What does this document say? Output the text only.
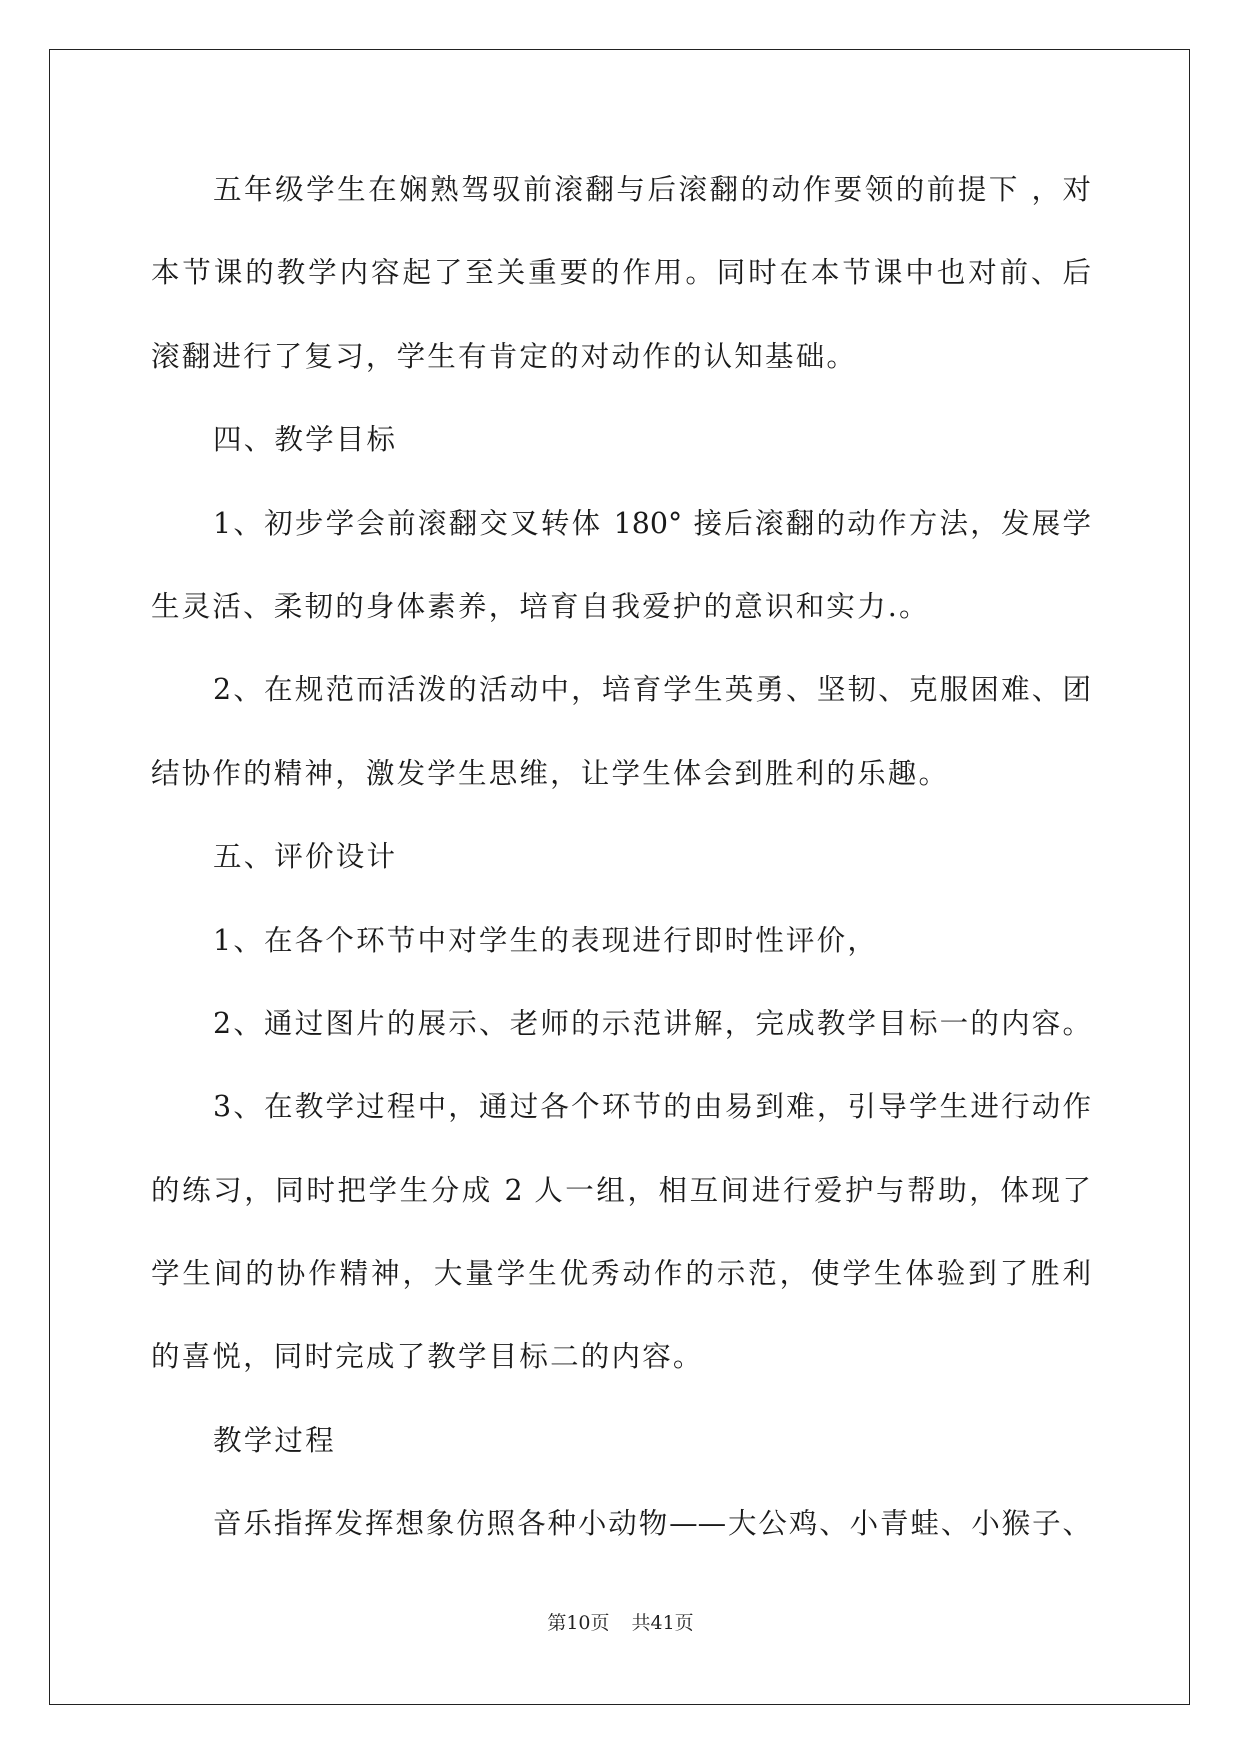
五年级学生在娴熟驾驭前滚翻与后滚翻的动作要领的前提下 ，对
本节课的教学内容起了至关重要的作用。同时在本节课中也对前、后
滚翻进行了复习，学生有肯定的对动作的认知基础。
四、教学目标
1、初步学会前滚翻交叉转体 180° 接后滚翻的动作方法，发展学
生灵活、柔韧的身体素养，培育自我爱护的意识和实力.。
2、在规范而活泼的活动中，培育学生英勇、坚韧、克服困难、团
结协作的精神，激发学生思维，让学生体会到胜利的乐趣。
五、评价设计
1、在各个环节中对学生的表现进行即时性评价，
2、通过图片的展示、老师的示范讲解，完成教学目标一的内容。
3、在教学过程中，通过各个环节的由易到难，引导学生进行动作
的练习，同时把学生分成 2 人一组，相互间进行爱护与帮助，体现了
学生间的协作精神，大量学生优秀动作的示范，使学生体验到了胜利
的喜悦，同时完成了教学目标二的内容。
教学过程
音乐指挥发挥想象仿照各种小动物——大公鸡、小青蛙、小猴子、
第10页 共41页
